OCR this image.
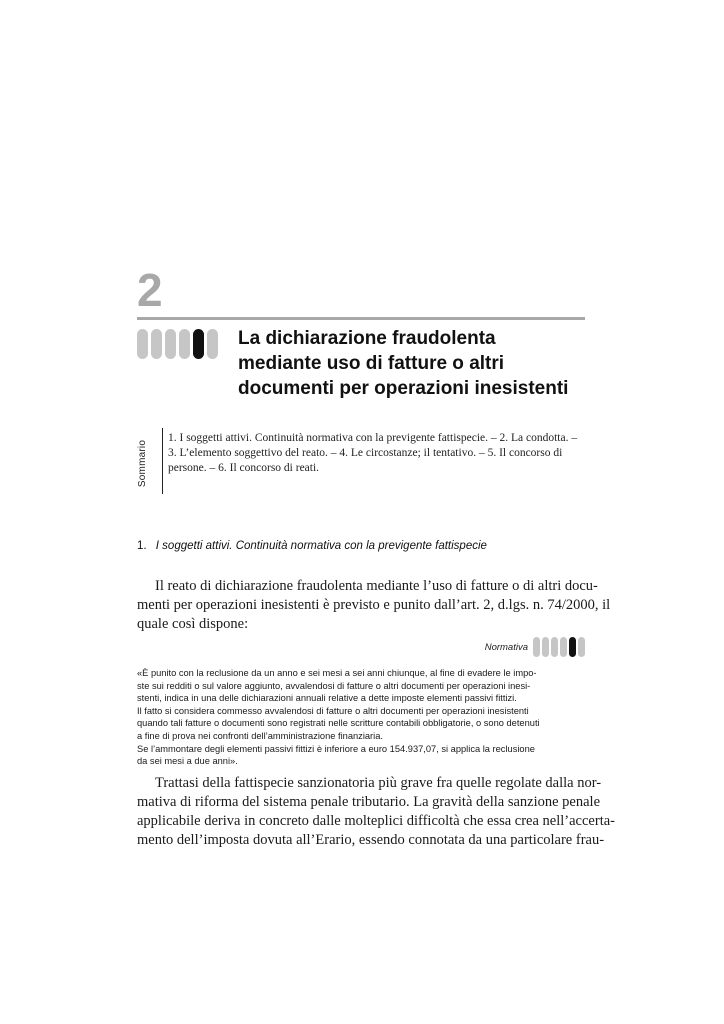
2
La dichiarazione fraudolenta
mediante uso di fatture o altri
documenti per operazioni inesistenti
Sommario
1. I soggetti attivi. Continuità normativa con la previgente fattispecie. – 2. La condotta. –
3. L’elemento soggettivo del reato. – 4. Le circostanze; il tentativo. – 5. Il concorso di
persone. – 6. Il concorso di reati.
1. I soggetti attivi. Continuità normativa con la previgente fattispecie
Il reato di dichiarazione fraudolenta mediante l’uso di fatture o di altri docu-
menti per operazioni inesistenti è previsto e punito dall’art. 2, d.lgs. n. 74/2000, il
quale così dispone:
Normativa
«È punito con la reclusione da un anno e sei mesi a sei anni chiunque, al fine di evadere le impo-
ste sui redditi o sul valore aggiunto, avvalendosi di fatture o altri documenti per operazioni inesi-
stenti, indica in una delle dichiarazioni annuali relative a dette imposte elementi passivi fittizi.
Il fatto si considera commesso avvalendosi di fatture o altri documenti per operazioni inesistenti
quando tali fatture o documenti sono registrati nelle scritture contabili obbligatorie, o sono detenuti
a fine di prova nei confronti dell’amministrazione finanziaria.
Se l’ammontare degli elementi passivi fittizi è inferiore a euro 154.937,07, si applica la reclusione
da sei mesi a due anni».
Trattasi della fattispecie sanzionatoria più grave fra quelle regolate dalla nor-
mativa di riforma del sistema penale tributario. La gravità della sanzione penale
applicabile deriva in concreto dalle molteplici difficoltà che essa crea nell’accerta-
mento dell’imposta dovuta all’Erario, essendo connotata da una particolare frau-
